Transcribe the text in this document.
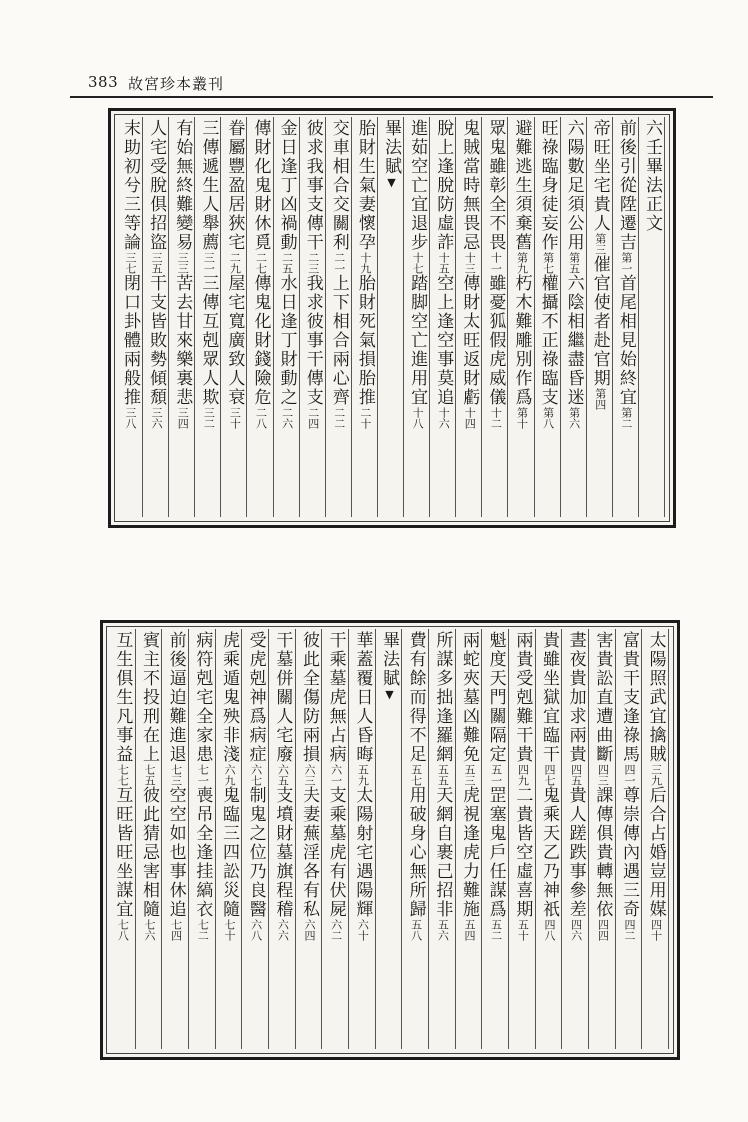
383 故宮珍本叢刊
六壬畢法正文
前後引從陞遷吉第一首尾相見始終宜第二
帝旺坐宅貴人第三催官使者赴官期第四
六陽數足須公用第五六陰相繼盡昏迷第六
旺祿臨身徒妄作第七權攝不正祿臨支第八
避難逃生須棄舊第九朽木難雕別作爲第十
眾鬼雖彰全不畏十一雖憂狐假虎威儀十二
鬼賊當時無畏忌十三傳財太旺返財虧十四
脫上逢脫防虛詐十五空上逢空事莫追十六
進茹空亡宜退步十七踏脚空亡進用宜十八
畢法賦▼
胎財生氣妻懷孕十九胎財死氣損胎推二十
交車相合交關利二一上下相合兩心齊二二
彼求我事支傳干二三我求彼事干傳支二四
金日逢丁凶禍動二五水日逢丁財動之二六
傳財化鬼財休覓二七傳鬼化財錢險危二八
眷屬豐盈居狹宅二九屋宅寬廣致人衰三十
三傳遞生人舉薦三一三傳互剋眾人欺三二
有始無終難變易三三苦去甘來樂裏悲三四
人宅受脫俱招盜三五干支皆敗勢傾頹三六
末助初兮三等論三七閉口卦體兩般推三八
太陽照武宜擒賊三九后合占婚豈用媒四十
富貴干支逢祿馬四一尊崇傳內遇三奇四二
害貴訟直遭曲斷四三課傳俱貴轉無依四四
晝夜貴加求兩貴四五貴人蹉跌事參差四六
貴雖坐獄宜臨干四七鬼乘天乙乃神祇四八
兩貴受剋難干貴四九二貴皆空虛喜期五十
魁度天門關隔定五一罡塞鬼戶任謀爲五二
兩蛇夾墓凶難免五三虎視逢虎力難施五四
所謀多拙逢羅網五五天網自裹己招非五六
費有餘而得不足五七用破身心無所歸五八
畢法賦▼
華蓋覆日人昏晦五九太陽射宅遇陽輝六十
干乘墓虎無占病六一支乘墓虎有伏屍六二
彼此全傷防兩損六三夫妻蕪淫各有私六四
干墓併關人宅廢六五支墳財墓旗程稽六六
受虎剋神爲病症六七制鬼之位乃良醫六八
虎乘遁鬼殃非淺六九鬼臨三四訟災隨七十
病符剋宅全家患七一喪吊全逢挂縞衣七二
前後逼迫難進退七三空空如也事休追七四
賓主不投刑在上七五彼此猜忌害相隨七六
互生俱生凡事益七七互旺皆旺坐謀宜七八
